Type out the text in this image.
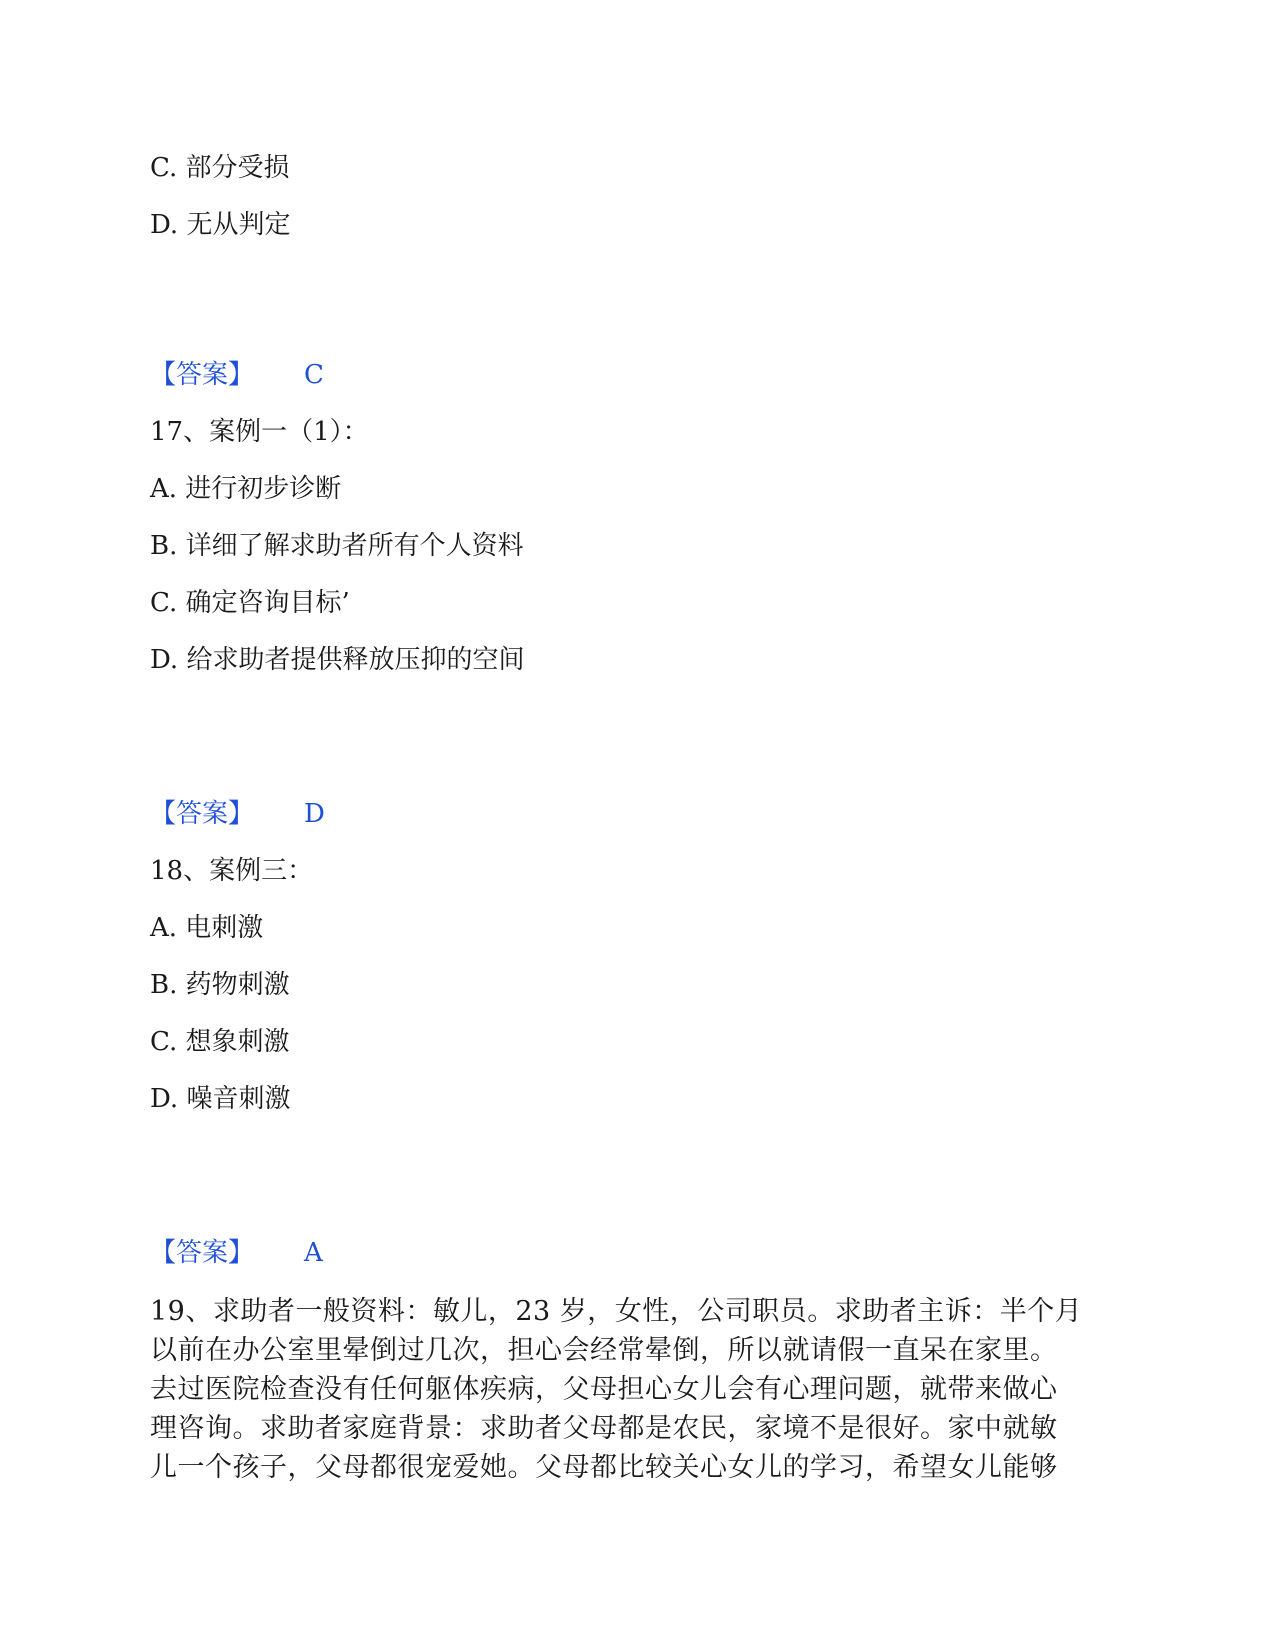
C. 部分受损
D. 无从判定
【答案】 C
17、案例一（1）：
A. 进行初步诊断
B. 详细了解求助者所有个人资料
C. 确定咨询目标’
D. 给求助者提供释放压抑的空间
【答案】 D
18、案例三：
A. 电刺激
B. 药物刺激
C. 想象刺激
D. 噪音刺激
【答案】 A
19、求助者一般资料：敏儿，23 岁，女性，公司职员。求助者主诉：半个月
以前在办公室里晕倒过几次，担心会经常晕倒，所以就请假一直呆在家里。
去过医院检查没有任何躯体疾病，父母担心女儿会有心理问题，就带来做心
理咨询。求助者家庭背景：求助者父母都是农民，家境不是很好。家中就敏
儿一个孩子，父母都很宠爱她。父母都比较关心女儿的学习，希望女儿能够
